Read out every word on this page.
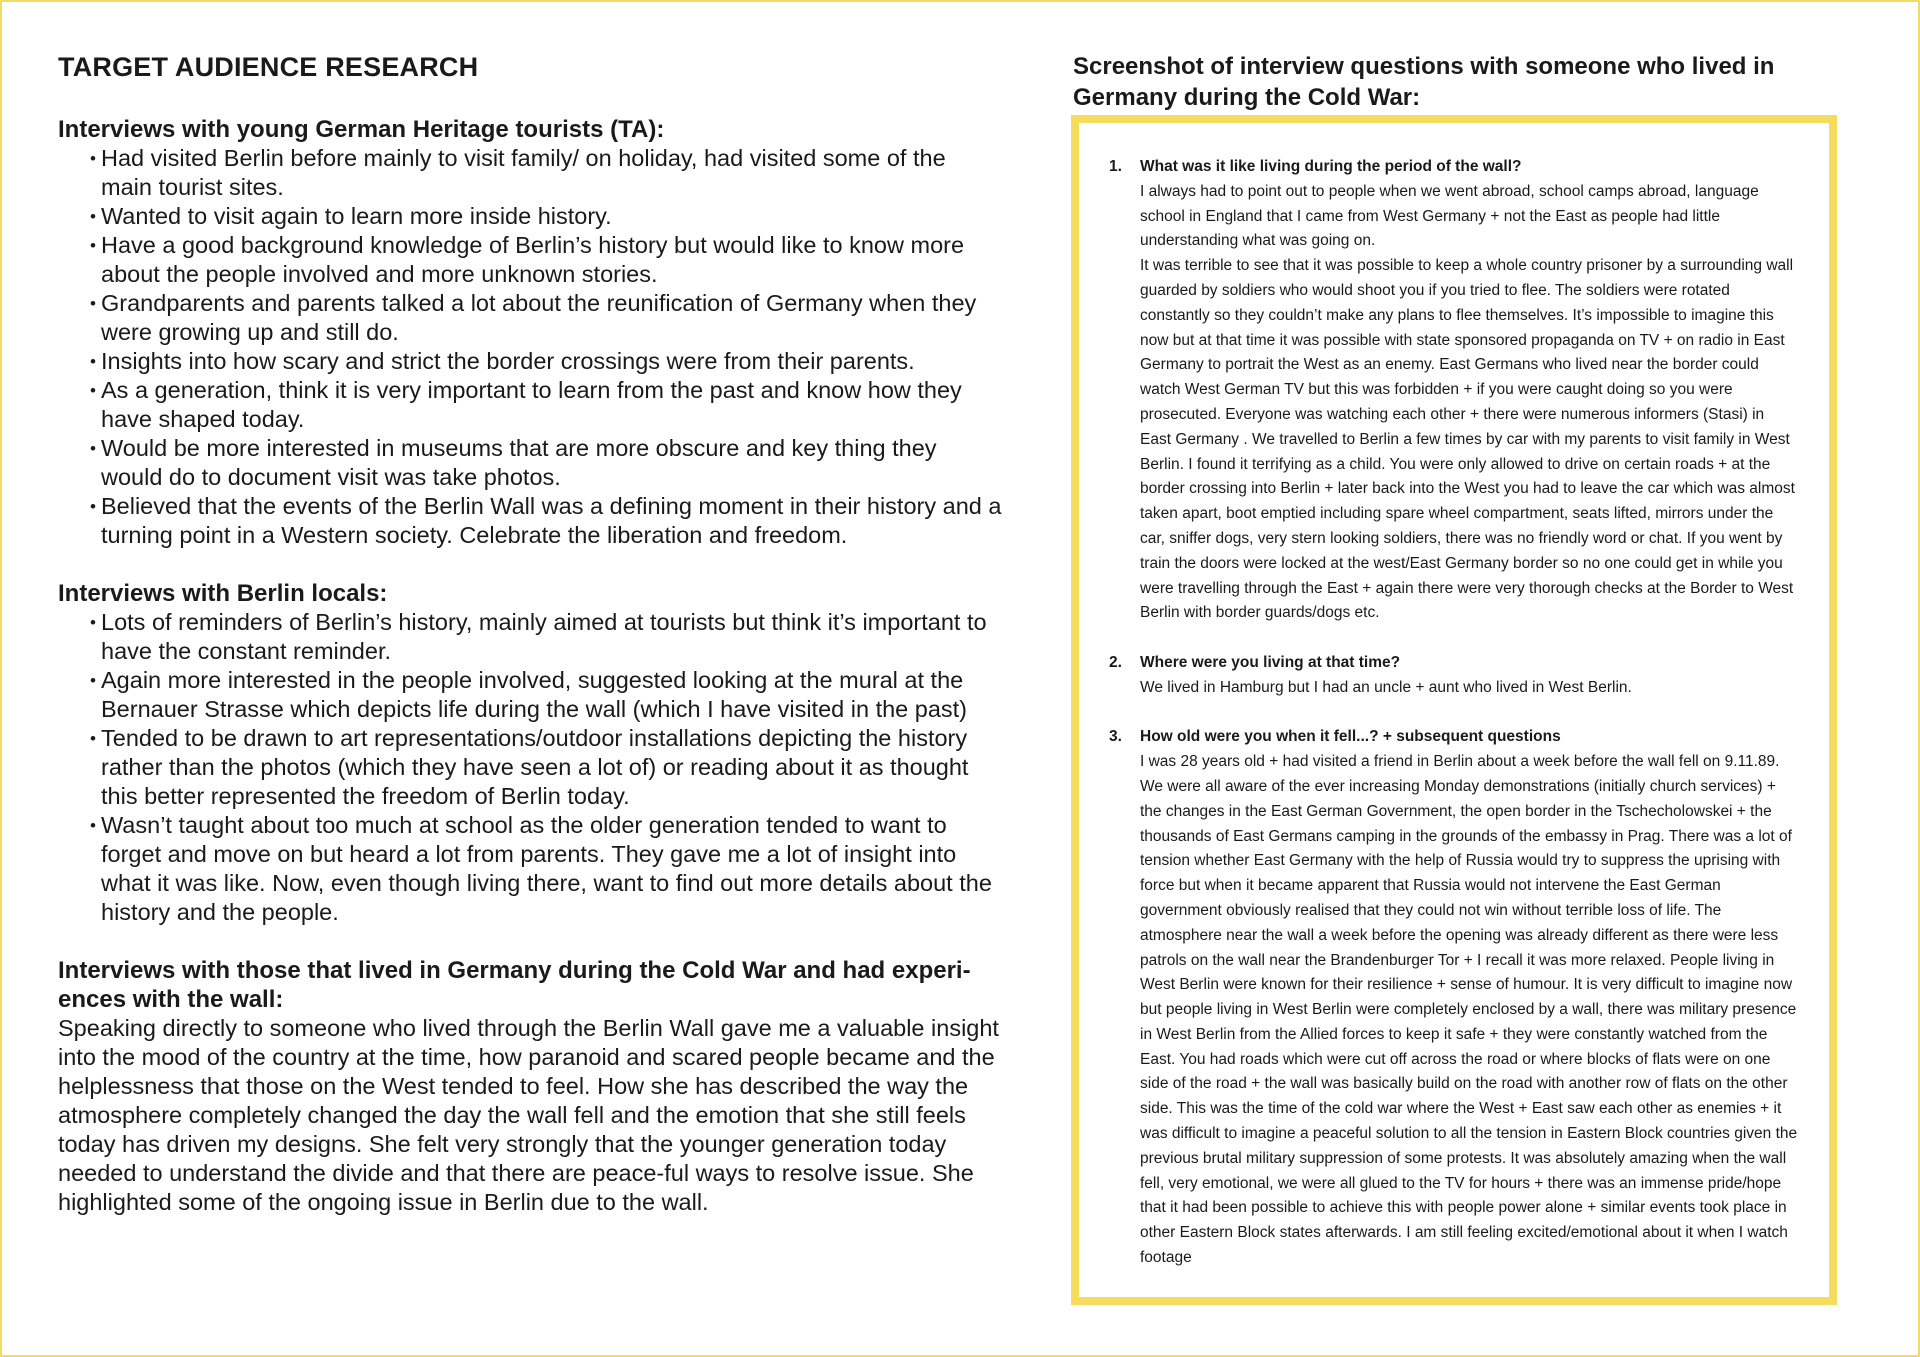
TARGET AUDIENCE RESEARCH
Interviews with young German Heritage tourists (TA):
• Had visited Berlin before mainly to visit family/ on holiday, had visited some of the main tourist sites.
• Wanted to visit again to learn more inside history.
• Have a good background knowledge of Berlin’s history but would like to know more about the people involved and more unknown stories.
• Grandparents and parents talked a lot about the reunification of Germany when they were growing up and still do.
• Insights into how scary and strict the border crossings were from their parents.
• As a generation, think it is very important to learn from the past and know how they have shaped today.
• Would be more interested in museums that are more obscure and key thing they would do to document visit was take photos.
• Believed that the events of the Berlin Wall was a defining moment in their history and a turning point in a Western society. Celebrate the liberation and freedom.
Interviews with Berlin locals:
• Lots of reminders of Berlin’s history, mainly aimed at tourists but think it’s important to have the constant reminder.
• Again more interested in the people involved, suggested looking at the mural at the Bernauer Strasse which depicts life during the wall (which I have visited in the past)
• Tended to be drawn to art representations/outdoor installations depicting the history rather than the photos (which they have seen a lot of) or reading about it as thought this better represented the freedom of Berlin today.
• Wasn’t taught about too much at school as the older generation tended to want to forget and move on but heard a lot from parents. They gave me a lot of insight into what it was like. Now, even though living there, want to find out more details about the history and the people.
Interviews with those that lived in Germany during the Cold War and had experi-ences with the wall:

Speaking directly to someone who lived through the Berlin Wall gave me a valuable insight into the mood of the country at the time, how paranoid and scared people became and the helplessness that those on the West tended to feel. How she has described the way the atmosphere completely changed the day the wall fell and the emotion that she still feels today has driven my designs. She felt very strongly that the younger generation today needed to understand the divide and that there are peace-ful ways to resolve issue. She highlighted some of the ongoing issue in Berlin due to the wall.

Screenshot of interview questions with someone who lived in Germany during the Cold War:
1. What was it like living during the period of the wall?

I always had to point out to people when we went abroad, school camps abroad, language school in England that I came from West Germany + not the East as people had little understanding what was going on.

It was terrible to see that it was possible to keep a whole country prisoner by a surrounding wall guarded by soldiers who would shoot you if you tried to flee. The soldiers were rotated constantly so they couldn’t make any plans to flee themselves. It’s impossible to imagine this now but at that time it was possible with state sponsored propaganda on TV + on radio in East Germany to portrait the West as an enemy. East Germans who lived near the border could watch West German TV but this was forbidden + if you were caught doing so you were prosecuted. Everyone was watching each other + there were numerous informers (Stasi) in East Germany . We travelled to Berlin a few times by car with my parents to visit family in West Berlin. I found it terrifying as a child. You were only allowed to drive on certain roads + at the border crossing into Berlin + later back into the West you had to leave the car which was almost taken apart, boot emptied including spare wheel compartment, seats lifted, mirrors under the car, sniffer dogs, very stern looking soldiers, there was no friendly word or chat. If you went by train the doors were locked at the west/East Germany border so no one could get in while you were travelling through the East + again there were very thorough checks at the Border to West Berlin with border guards/dogs etc.

2. Where were you living at that time?

We lived in Hamburg but I had an uncle + aunt who lived in West Berlin.

3. How old were you when it fell...? + subsequent questions

I was 28 years old + had visited a friend in Berlin about a week before the wall fell on 9.11.89. We were all aware of the ever increasing Monday demonstrations (initially church services) + the changes in the East German Government, the open border in the Tschecholowskei + the thousands of East Germans camping in the grounds of the embassy in Prag. There was a lot of tension whether East Germany with the help of Russia would try to suppress the uprising with force but when it became apparent that Russia would not intervene the East German government obviously realised that they could not win without terrible loss of life. The atmosphere near the wall a week before the opening was already different as there were less patrols on the wall near the Brandenburger Tor + I recall it was more relaxed. People living in West Berlin were known for their resilience + sense of humour. It is very difficult to imagine now but people living in West Berlin were completely enclosed by a wall, there was military presence in West Berlin from the Allied forces to keep it safe + they were constantly watched from the East. You had roads which were cut off across the road or where blocks of flats were on one side of the road + the wall was basically build on the road with another row of flats on the other side. This was the time of the cold war where the West + East saw each other as enemies + it was difficult to imagine a peaceful solution to all the tension in Eastern Block countries given the previous brutal military suppression of some protests. It was absolutely amazing when the wall fell, very emotional, we were all glued to the TV for hours + there was an immense pride/hope that it had been possible to achieve this with people power alone + similar events took place in other Eastern Block states afterwards. I am still feeling excited/emotional about it when I watch footage
